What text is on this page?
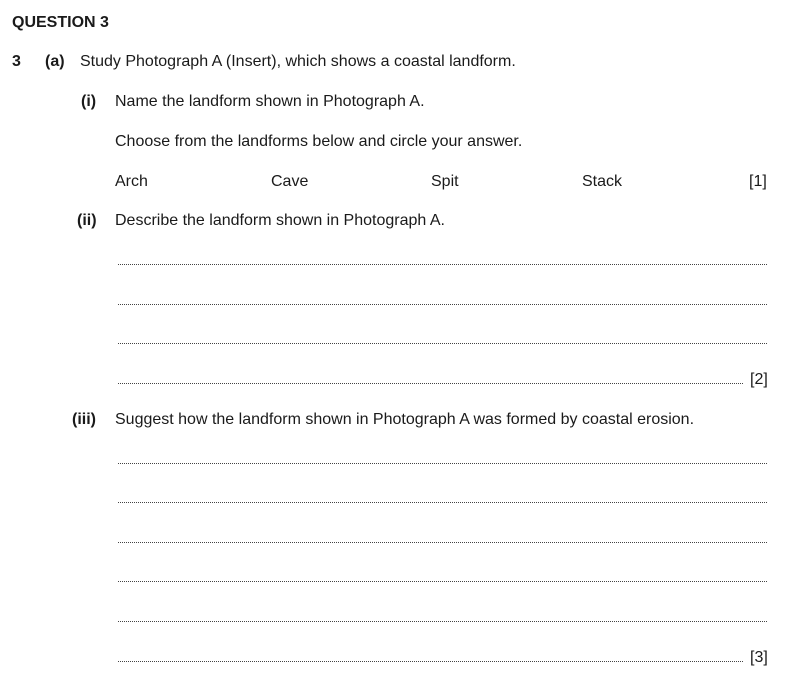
QUESTION 3
3 (a) Study Photograph A (Insert), which shows a coastal landform.
(i) Name the landform shown in Photograph A.
Choose from the landforms below and circle your answer.
Arch	Cave	Spit	Stack	[1]
(ii) Describe the landform shown in Photograph A.
[2]
(iii) Suggest how the landform shown in Photograph A was formed by coastal erosion.
[3]
